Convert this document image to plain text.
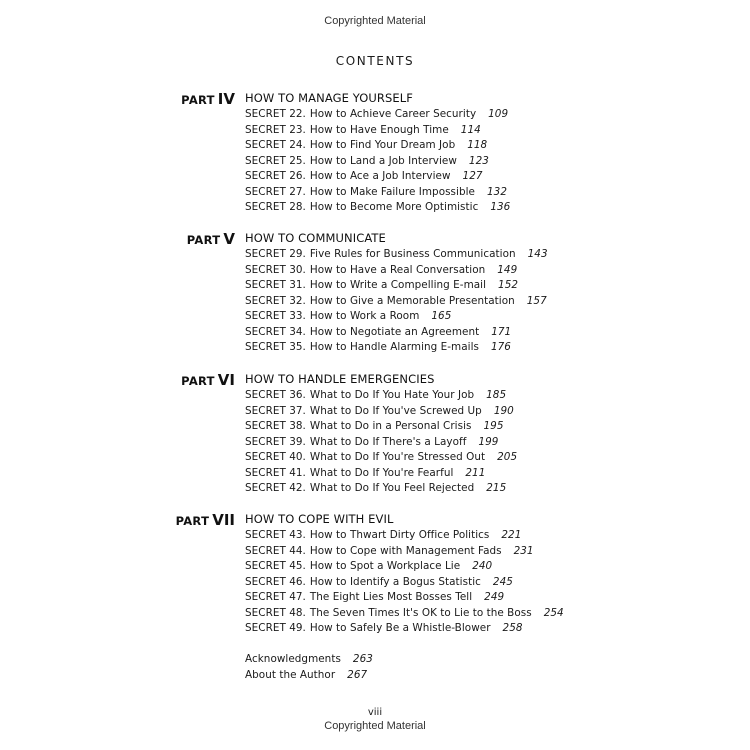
Copyrighted Material
CONTENTS
PART IV HOW TO MANAGE YOURSELF
SECRET 22. How to Achieve Career Security 109
SECRET 23. How to Have Enough Time 114
SECRET 24. How to Find Your Dream Job 118
SECRET 25. How to Land a Job Interview 123
SECRET 26. How to Ace a Job Interview 127
SECRET 27. How to Make Failure Impossible 132
SECRET 28. How to Become More Optimistic 136
PART V HOW TO COMMUNICATE
SECRET 29. Five Rules for Business Communication 143
SECRET 30. How to Have a Real Conversation 149
SECRET 31. How to Write a Compelling E-mail 152
SECRET 32. How to Give a Memorable Presentation 157
SECRET 33. How to Work a Room 165
SECRET 34. How to Negotiate an Agreement 171
SECRET 35. How to Handle Alarming E-mails 176
PART VI HOW TO HANDLE EMERGENCIES
SECRET 36. What to Do If You Hate Your Job 185
SECRET 37. What to Do If You've Screwed Up 190
SECRET 38. What to Do in a Personal Crisis 195
SECRET 39. What to Do If There's a Layoff 199
SECRET 40. What to Do If You're Stressed Out 205
SECRET 41. What to Do If You're Fearful 211
SECRET 42. What to Do If You Feel Rejected 215
PART VII HOW TO COPE WITH EVIL
SECRET 43. How to Thwart Dirty Office Politics 221
SECRET 44. How to Cope with Management Fads 231
SECRET 45. How to Spot a Workplace Lie 240
SECRET 46. How to Identify a Bogus Statistic 245
SECRET 47. The Eight Lies Most Bosses Tell 249
SECRET 48. The Seven Times It's OK to Lie to the Boss 254
SECRET 49. How to Safely Be a Whistle-Blower 258
Acknowledgments 263
About the Author 267
viii
Copyrighted Material
